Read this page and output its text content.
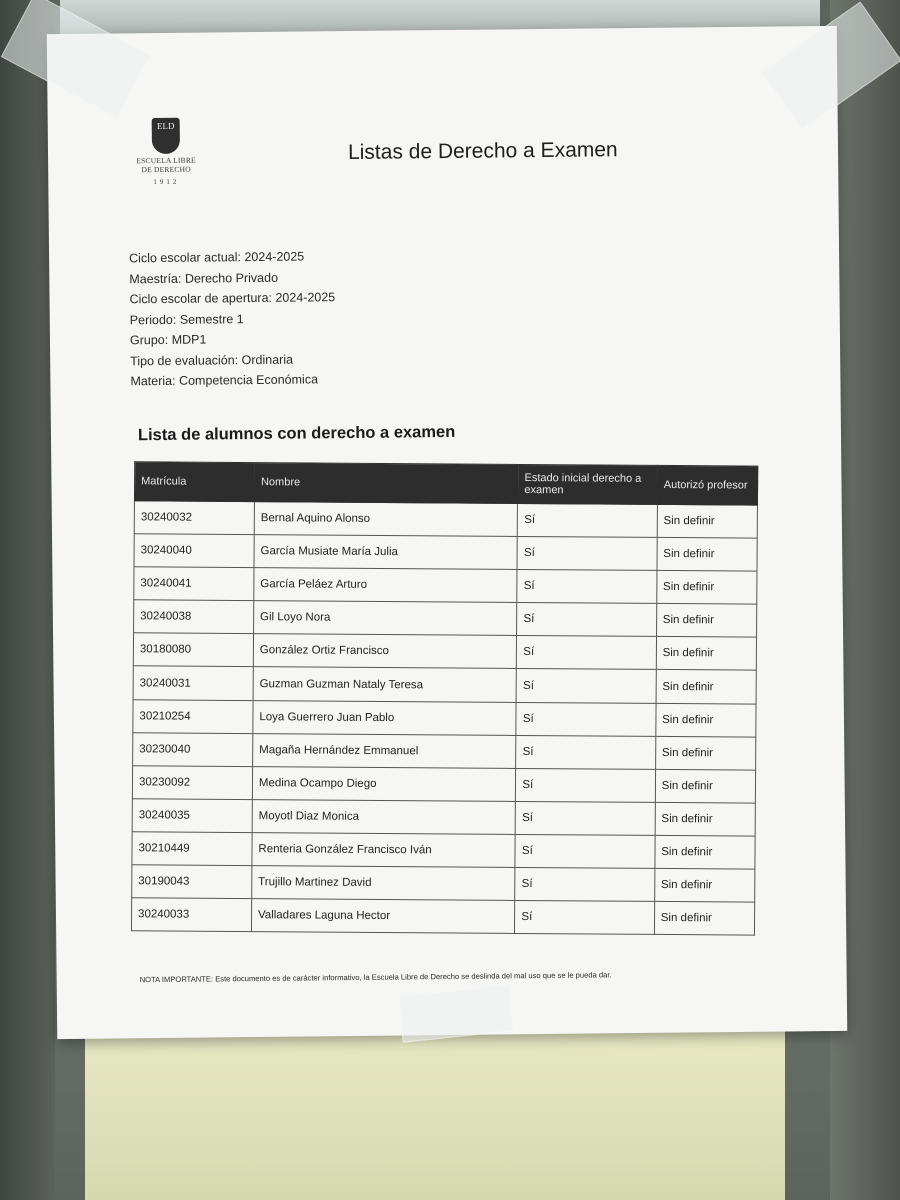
ELD
ESCUELA LIBRE
DE DERECHO
1912
Listas de Derecho a Examen
Ciclo escolar actual: 2024-2025
Maestría: Derecho Privado
Ciclo escolar de apertura: 2024-2025
Periodo: Semestre 1
Grupo: MDP1
Tipo de evaluación: Ordinaria
Materia: Competencia Económica
Lista de alumnos con derecho a examen
Matrícula	Nombre	Estado inicial derecho a examen	Autorizó profesor
30240032	Bernal Aquino Alonso	Sí	Sin definir
30240040	García Musiate María Julia	Sí	Sin definir
30240041	García Peláez Arturo	Sí	Sin definir
30240038	Gil Loyo Nora	Sí	Sin definir
30180080	González Ortiz Francisco	Sí	Sin definir
30240031	Guzman Guzman Nataly Teresa	Sí	Sin definir
30210254	Loya Guerrero Juan Pablo	Sí	Sin definir
30230040	Magaña Hernández Emmanuel	Sí	Sin definir
30230092	Medina Ocampo Diego	Sí	Sin definir
30240035	Moyotl Diaz Monica	Sí	Sin definir
30210449	Renteria González Francisco Iván	Sí	Sin definir
30190043	Trujillo Martinez David	Sí	Sin definir
30240033	Valladares Laguna Hector	Sí	Sin definir
NOTA IMPORTANTE: Este documento es de carácter informativo, la Escuela Libre de Derecho se deslinda del mal uso que se le pueda dar.
